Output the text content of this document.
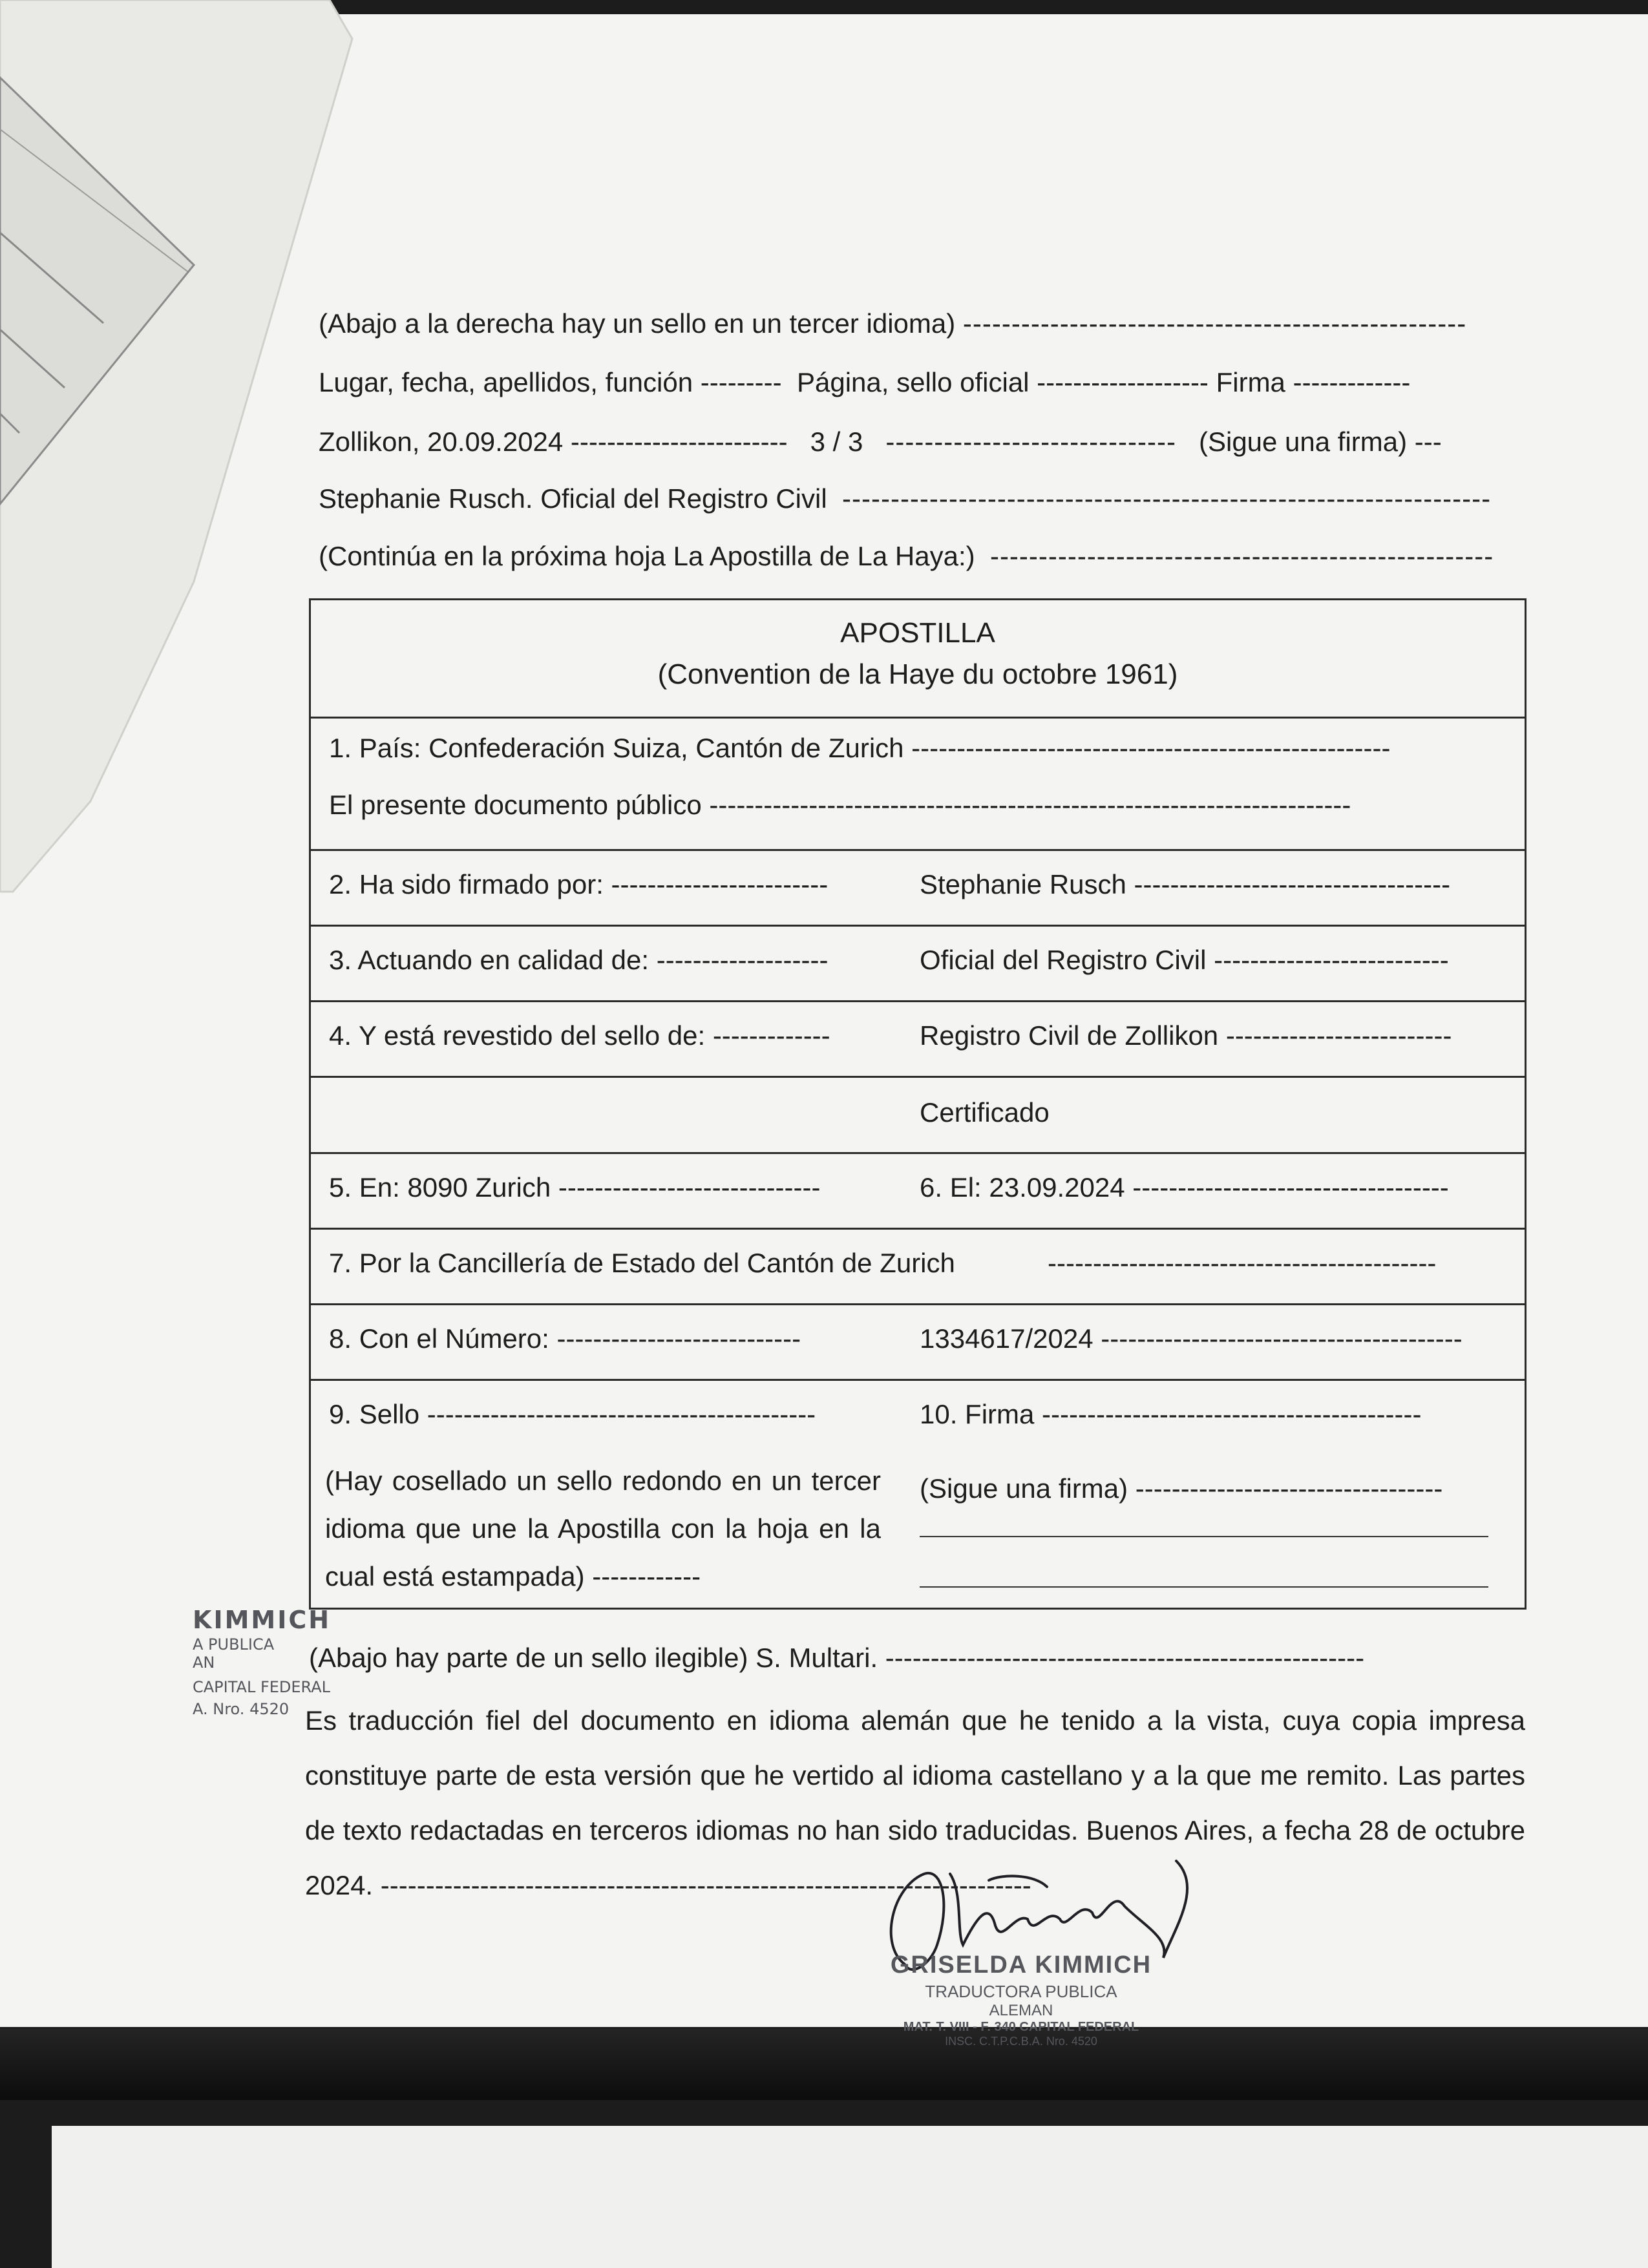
(Abajo a la derecha hay un sello en un tercer idioma) ----------------------------------------------------
Lugar, fecha, apellidos, función --------- Página, sello oficial ------------------- Firma -------------
Zollikon, 20.09.2024 ------------------------ 3 / 3 ------------------------------ (Sigue una firma) ---
Stephanie Rusch. Oficial del Registro Civil -------------------------------------------------------------------
(Continúa en la próxima hoja La Apostilla de La Haya:) ----------------------------------------------------
APOSTILLA
(Convention de la Haye du octobre 1961)
1. País: Confederación Suiza, Cantón de Zurich -----------------------------------------------------
El presente documento público -----------------------------------------------------------------------
2. Ha sido firmado por: ------------------------	Stephanie Rusch -----------------------------------
3. Actuando en calidad de: -------------------	Oficial del Registro Civil --------------------------
4. Y está revestido del sello de: -------------	Registro Civil de Zollikon -------------------------
Certificado
5. En: 8090 Zurich -----------------------------	6. El: 23.09.2024 -----------------------------------
7. Por la Cancillería de Estado del Cantón de Zurich	-------------------------------------------
8. Con el Número: ---------------------------	1334617/2024 ----------------------------------------
9. Sello -------------------------------------------	10. Firma ------------------------------------------
(Hay cosellado un sello redondo en un tercer idioma que une la Apostilla con la hoja en la cual está estampada) ------------
(Sigue una firma) ----------------------------------
KIMMICH
A PUBLICA
AN
CAPITAL FEDERAL
A. Nro. 4520
(Abajo hay parte de un sello ilegible) S. Multari. -----------------------------------------------------
Es traducción fiel del documento en idioma alemán que he tenido a la vista, cuya copia impresa constituye parte de esta versión que he vertido al idioma castellano y a la que me remito. Las partes de texto redactadas en terceros idiomas no han sido traducidas. Buenos Aires, a fecha 28 de octubre 2024. ------------------------------------------------------------------------
GRISELDA KIMMICH
TRADUCTORA PUBLICA
ALEMAN
MAT. T. VIII - F. 340 CAPITAL FEDERAL
INSC. C.T.P.C.B.A. Nro. 4520
